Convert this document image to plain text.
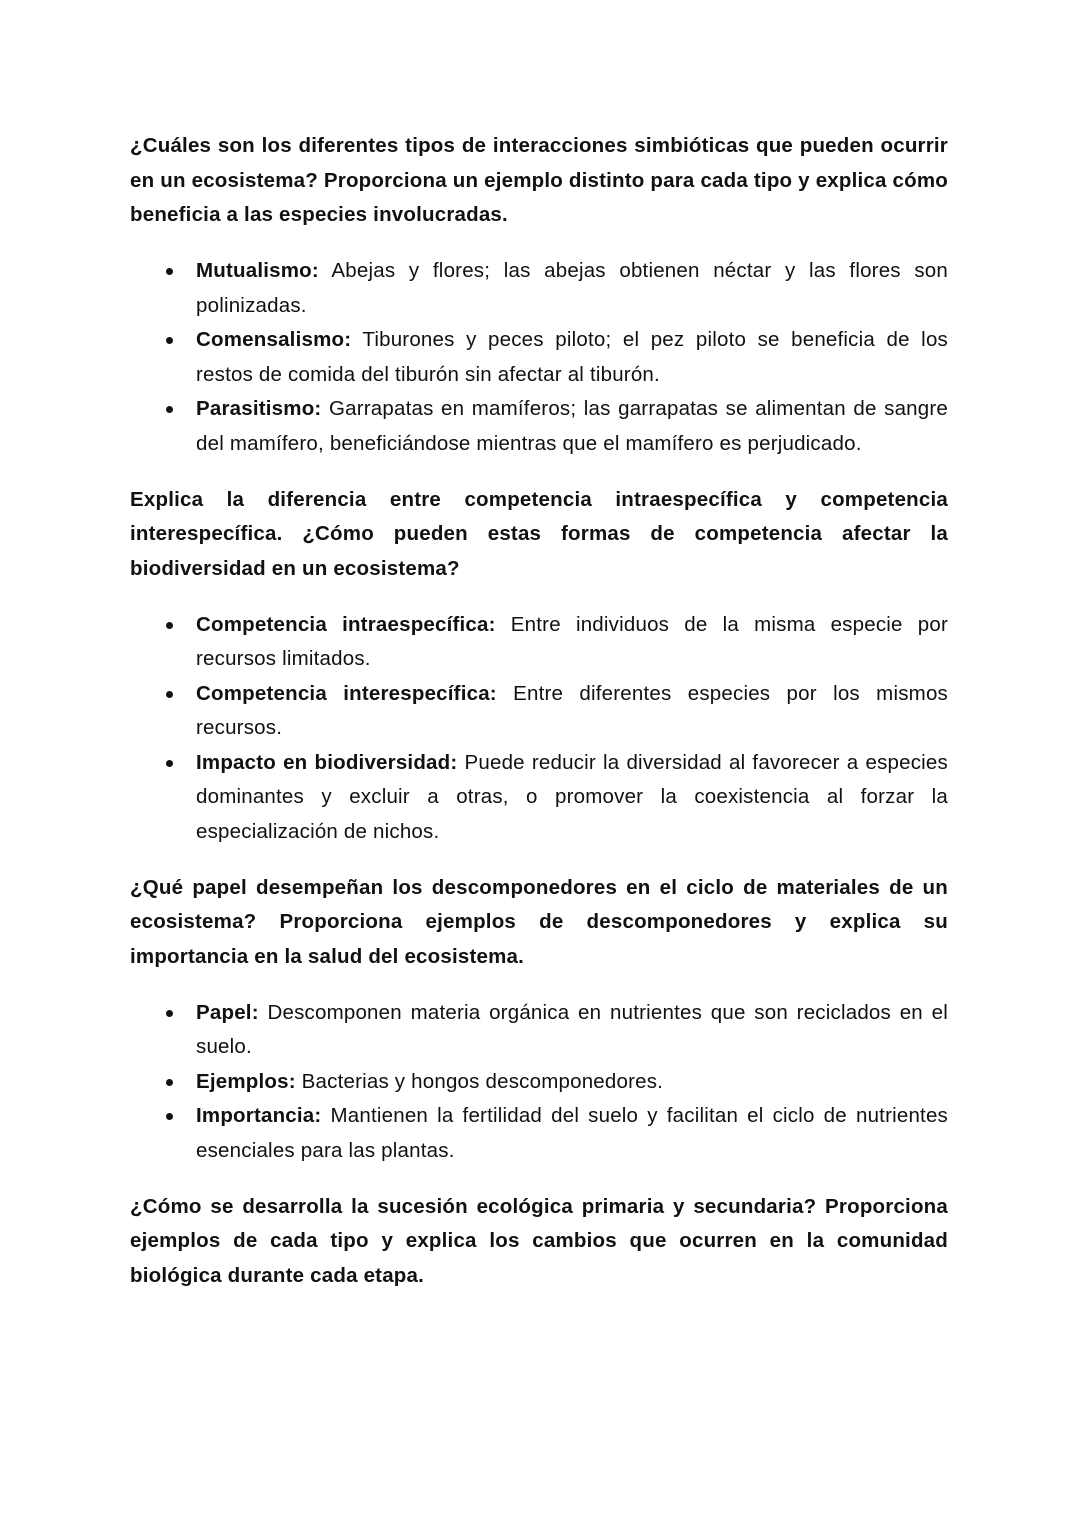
¿Cuáles son los diferentes tipos de interacciones simbióticas que pueden ocurrir en un ecosistema? Proporciona un ejemplo distinto para cada tipo y explica cómo beneficia a las especies involucradas.

Mutualismo: Abejas y flores; las abejas obtienen néctar y las flores son polinizadas.
Comensalismo: Tiburones y peces piloto; el pez piloto se beneficia de los restos de comida del tiburón sin afectar al tiburón.
Parasitismo: Garrapatas en mamíferos; las garrapatas se alimentan de sangre del mamífero, beneficiándose mientras que el mamífero es perjudicado.

Explica la diferencia entre competencia intraespecífica y competencia interespecífica. ¿Cómo pueden estas formas de competencia afectar la biodiversidad en un ecosistema?

Competencia intraespecífica: Entre individuos de la misma especie por recursos limitados.
Competencia interespecífica: Entre diferentes especies por los mismos recursos.
Impacto en biodiversidad: Puede reducir la diversidad al favorecer a especies dominantes y excluir a otras, o promover la coexistencia al forzar la especialización de nichos.

¿Qué papel desempeñan los descomponedores en el ciclo de materiales de un ecosistema? Proporciona ejemplos de descomponedores y explica su importancia en la salud del ecosistema.

Papel: Descomponen materia orgánica en nutrientes que son reciclados en el suelo.
Ejemplos: Bacterias y hongos descomponedores.
Importancia: Mantienen la fertilidad del suelo y facilitan el ciclo de nutrientes esenciales para las plantas.

¿Cómo se desarrolla la sucesión ecológica primaria y secundaria? Proporciona ejemplos de cada tipo y explica los cambios que ocurren en la comunidad biológica durante cada etapa.
